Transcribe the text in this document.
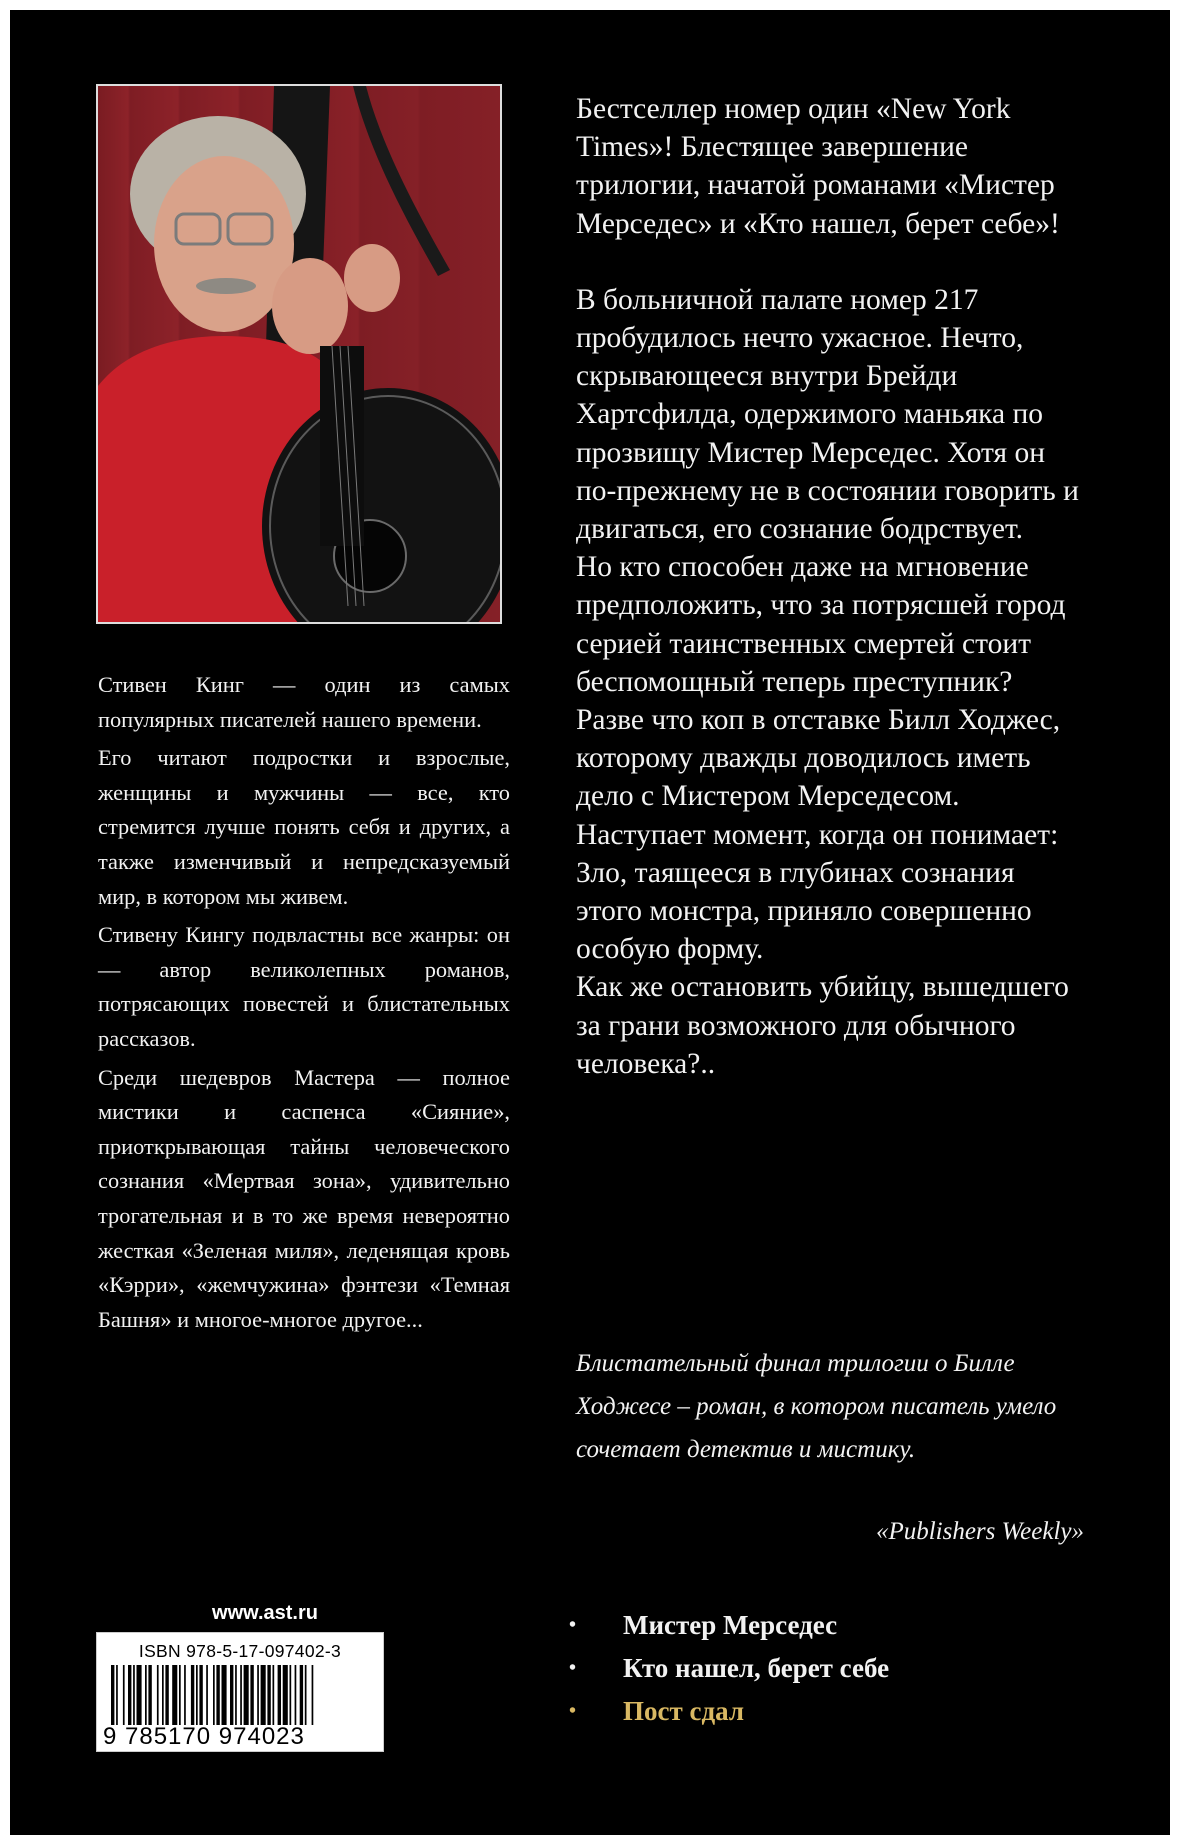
Стивен Кинг — один из самых популярных писателей нашего времени.

Его читают подростки и взрослые, женщины и мужчины — все, кто стремится лучше понять себя и других, а также изменчивый и непредсказуемый мир, в котором мы живем.

Стивену Кингу подвластны все жанры: он — автор великолепных романов, потрясающих повестей и блистательных рассказов.

Среди шедевров Мастера — полное мистики и саспенса «Сияние», приоткрывающая тайны человеческого сознания «Мертвая зона», удивительно трогательная и в то же время невероятно жесткая «Зеленая миля», леденящая кровь «Кэрри», «жемчужина» фэнтези «Темная Башня» и многое-многое другое...

Бестселлер номер один «New York Times»! Блестящее завершение трилогии, начатой романами «Мистер Мерседес» и «Кто нашел, берет себе»!

В больничной палате номер 217 пробудилось нечто ужасное. Нечто, скрывающееся внутри Брейди Хартсфилда, одержимого маньяка по прозвищу Мистер Мерседес. Хотя он по-прежнему не в состоянии говорить и двигаться, его сознание бодрствует.

Но кто способен даже на мгновение предположить, что за потрясшей город серией таинственных смертей стоит беспомощный теперь преступник? Разве что коп в отставке Билл Ходжес, которому дважды доводилось иметь дело с Мистером Мерседесом. Наступает момент, когда он понимает: Зло, таящееся в глубинах сознания этого монстра, приняло совершенно особую форму.

Как же остановить убийцу, вышедшего за грани возможного для обычного человека?..

Блистательный финал трилогии о Билле Ходжесе – роман, в котором писатель умело сочетает детектив и мистику.
«Publishers Weekly»
• Мистер Мерседес
• Кто нашел, берет себе
• Пост сдал
www.ast.ru
ISBN 978-5-17-097402-3
9 785170 974023
